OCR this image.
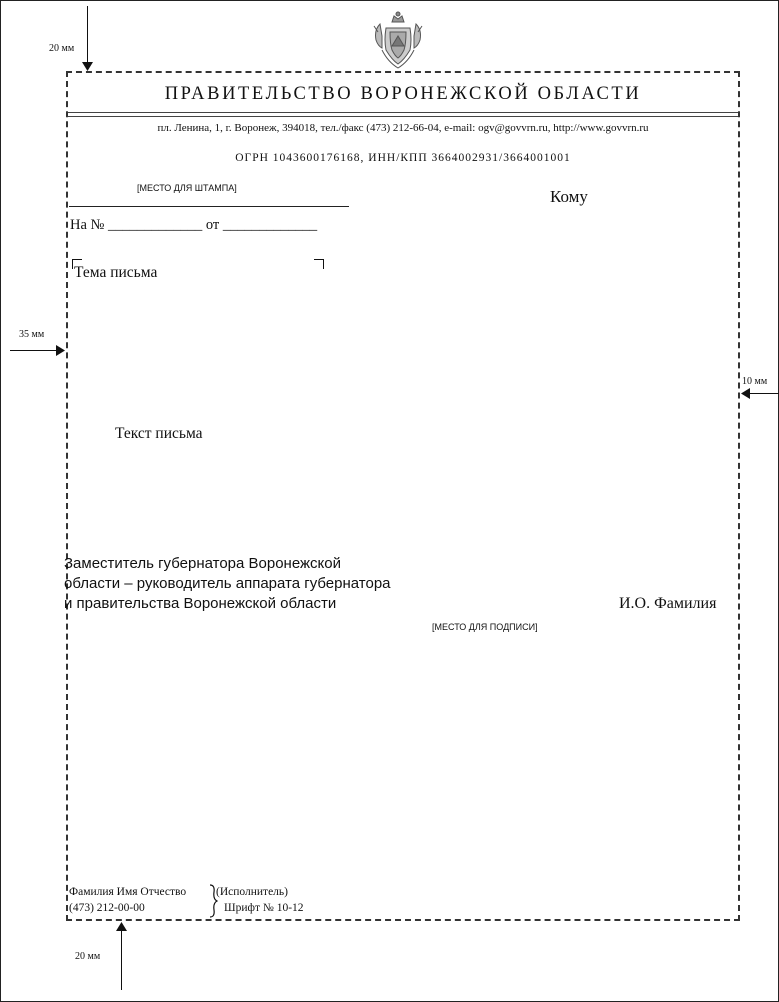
20 мм
35 мм
10 мм
20 мм
ПРАВИТЕЛЬСТВО ВОРОНЕЖСКОЙ ОБЛАСТИ
пл. Ленина, 1, г. Воронеж, 394018, тел./факс (473) 212-66-04, e-mail: ogv@govvrn.ru, http://www.govvrn.ru
ОГРН 1043600176168, ИНН/КПП 3664002931/3664001001
[МЕСТО ДЛЯ ШТАМПА]
На № _____________ от _____________
Кому
Тема письма
Текст письма
Заместитель губернатора Воронежской
области – руководитель аппарата губернатора
и правительства Воронежской области	И.О. Фамилия
[МЕСТО ДЛЯ ПОДПИСИ]
Фамилия Имя Отчество
(473) 212-00-00
(Исполнитель)
Шрифт № 10-12
